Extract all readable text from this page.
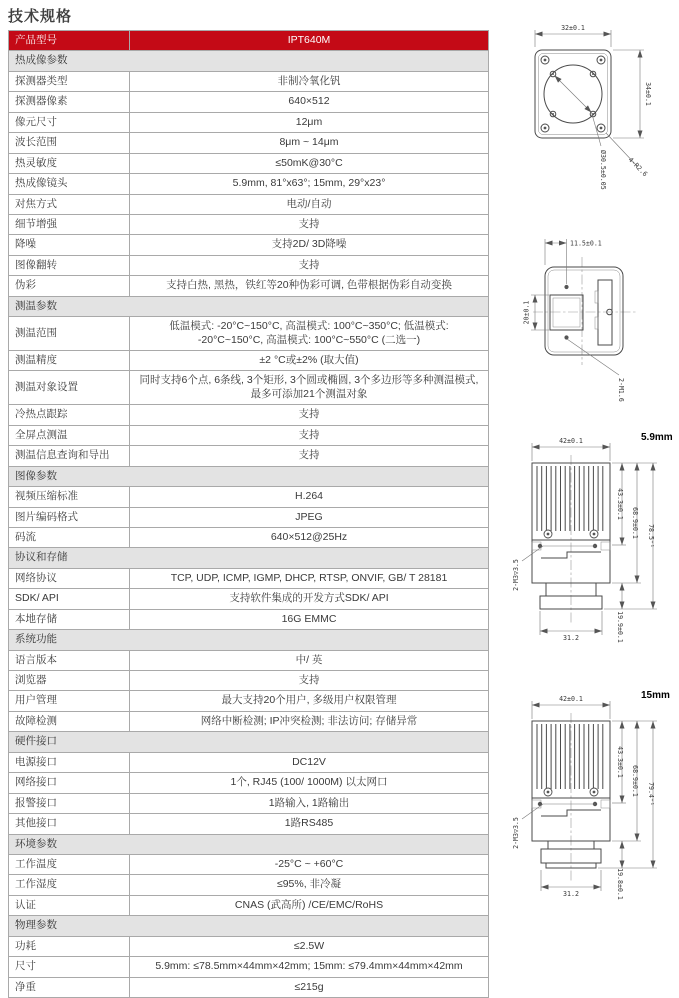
技术规格
产品型号	IPT640M
热成像参数	
探测器类型	非制冷氧化钒
探测器像素	640×512
像元尺寸	12μm
波长范围	8μm ~ 14μm
热灵敏度	≤50mK@30°C
热成像镜头	5.9mm, 81°x63°; 15mm, 29°x23°
对焦方式	电动/自动
细节增强	支持
降噪	支持2D/ 3D降噪
图像翻转	支持
伪彩	支持白热, 黑热，铁红等20种伪彩可调, 色带根据伪彩自动变换
测温参数	
测温范围	低温模式: -20°C~150°C, 高温模式: 100°C~350°C; 低温模式: -20°C~150°C, 高温模式: 100°C~550°C (二选一)
测温精度	±2 °C或±2% (取大值)
测温对象设置	同时支持6个点, 6条线, 3个矩形, 3个圆或椭圆, 3个多边形等多种测温模式, 最多可添加21个测温对象
冷热点跟踪	支持
全屏点测温	支持
测温信息查询和导出	支持
图像参数	
视频压缩标准	H.264
图片编码格式	JPEG
码流	640×512@25Hz
协议和存储	
网络协议	TCP, UDP, ICMP, IGMP, DHCP, RTSP, ONVIF, GB/ T 28181
SDK/ API	支持软件集成的开发方式SDK/ API
本地存储	16G EMMC
系统功能	
语言版本	中/ 英
浏览器	支持
用户管理	最大支持20个用户, 多级用户权限管理
故障检测	网络中断检测; IP冲突检测; 非法访问; 存储异常
硬件接口	
电源接口	DC12V
网络接口	1个, RJ45 (100/ 1000M) 以太网口
报警接口	1路输入, 1路输出
其他接口	1路RS485
环境参数	
工作温度	-25°C ~ +60°C
工作湿度	≤95%, 非冷凝
认证	CNAS (武高所) /CE/EMC/RoHS
物理参数	
功耗	≤2.5W
尺寸	5.9mm: ≤78.5mm×44mm×42mm; 15mm: ≤79.4mm×44mm×42mm
净重	≤215g
32±0.1
34±0.1
Ø30.5±0.05	4-R2.6
11.5±0.1
20±0.1
2-M1.6
5.9mm
42±0.1
43.3±0.1
68.9±0.1 78.5⁺¹
19.9±0.1
2-M3▽3.5
31.2
15mm
42±0.1
43.3±0.1
68.9±0.1 79.4⁺¹
19.8±0.1
2-M3▽3.5
31.2
